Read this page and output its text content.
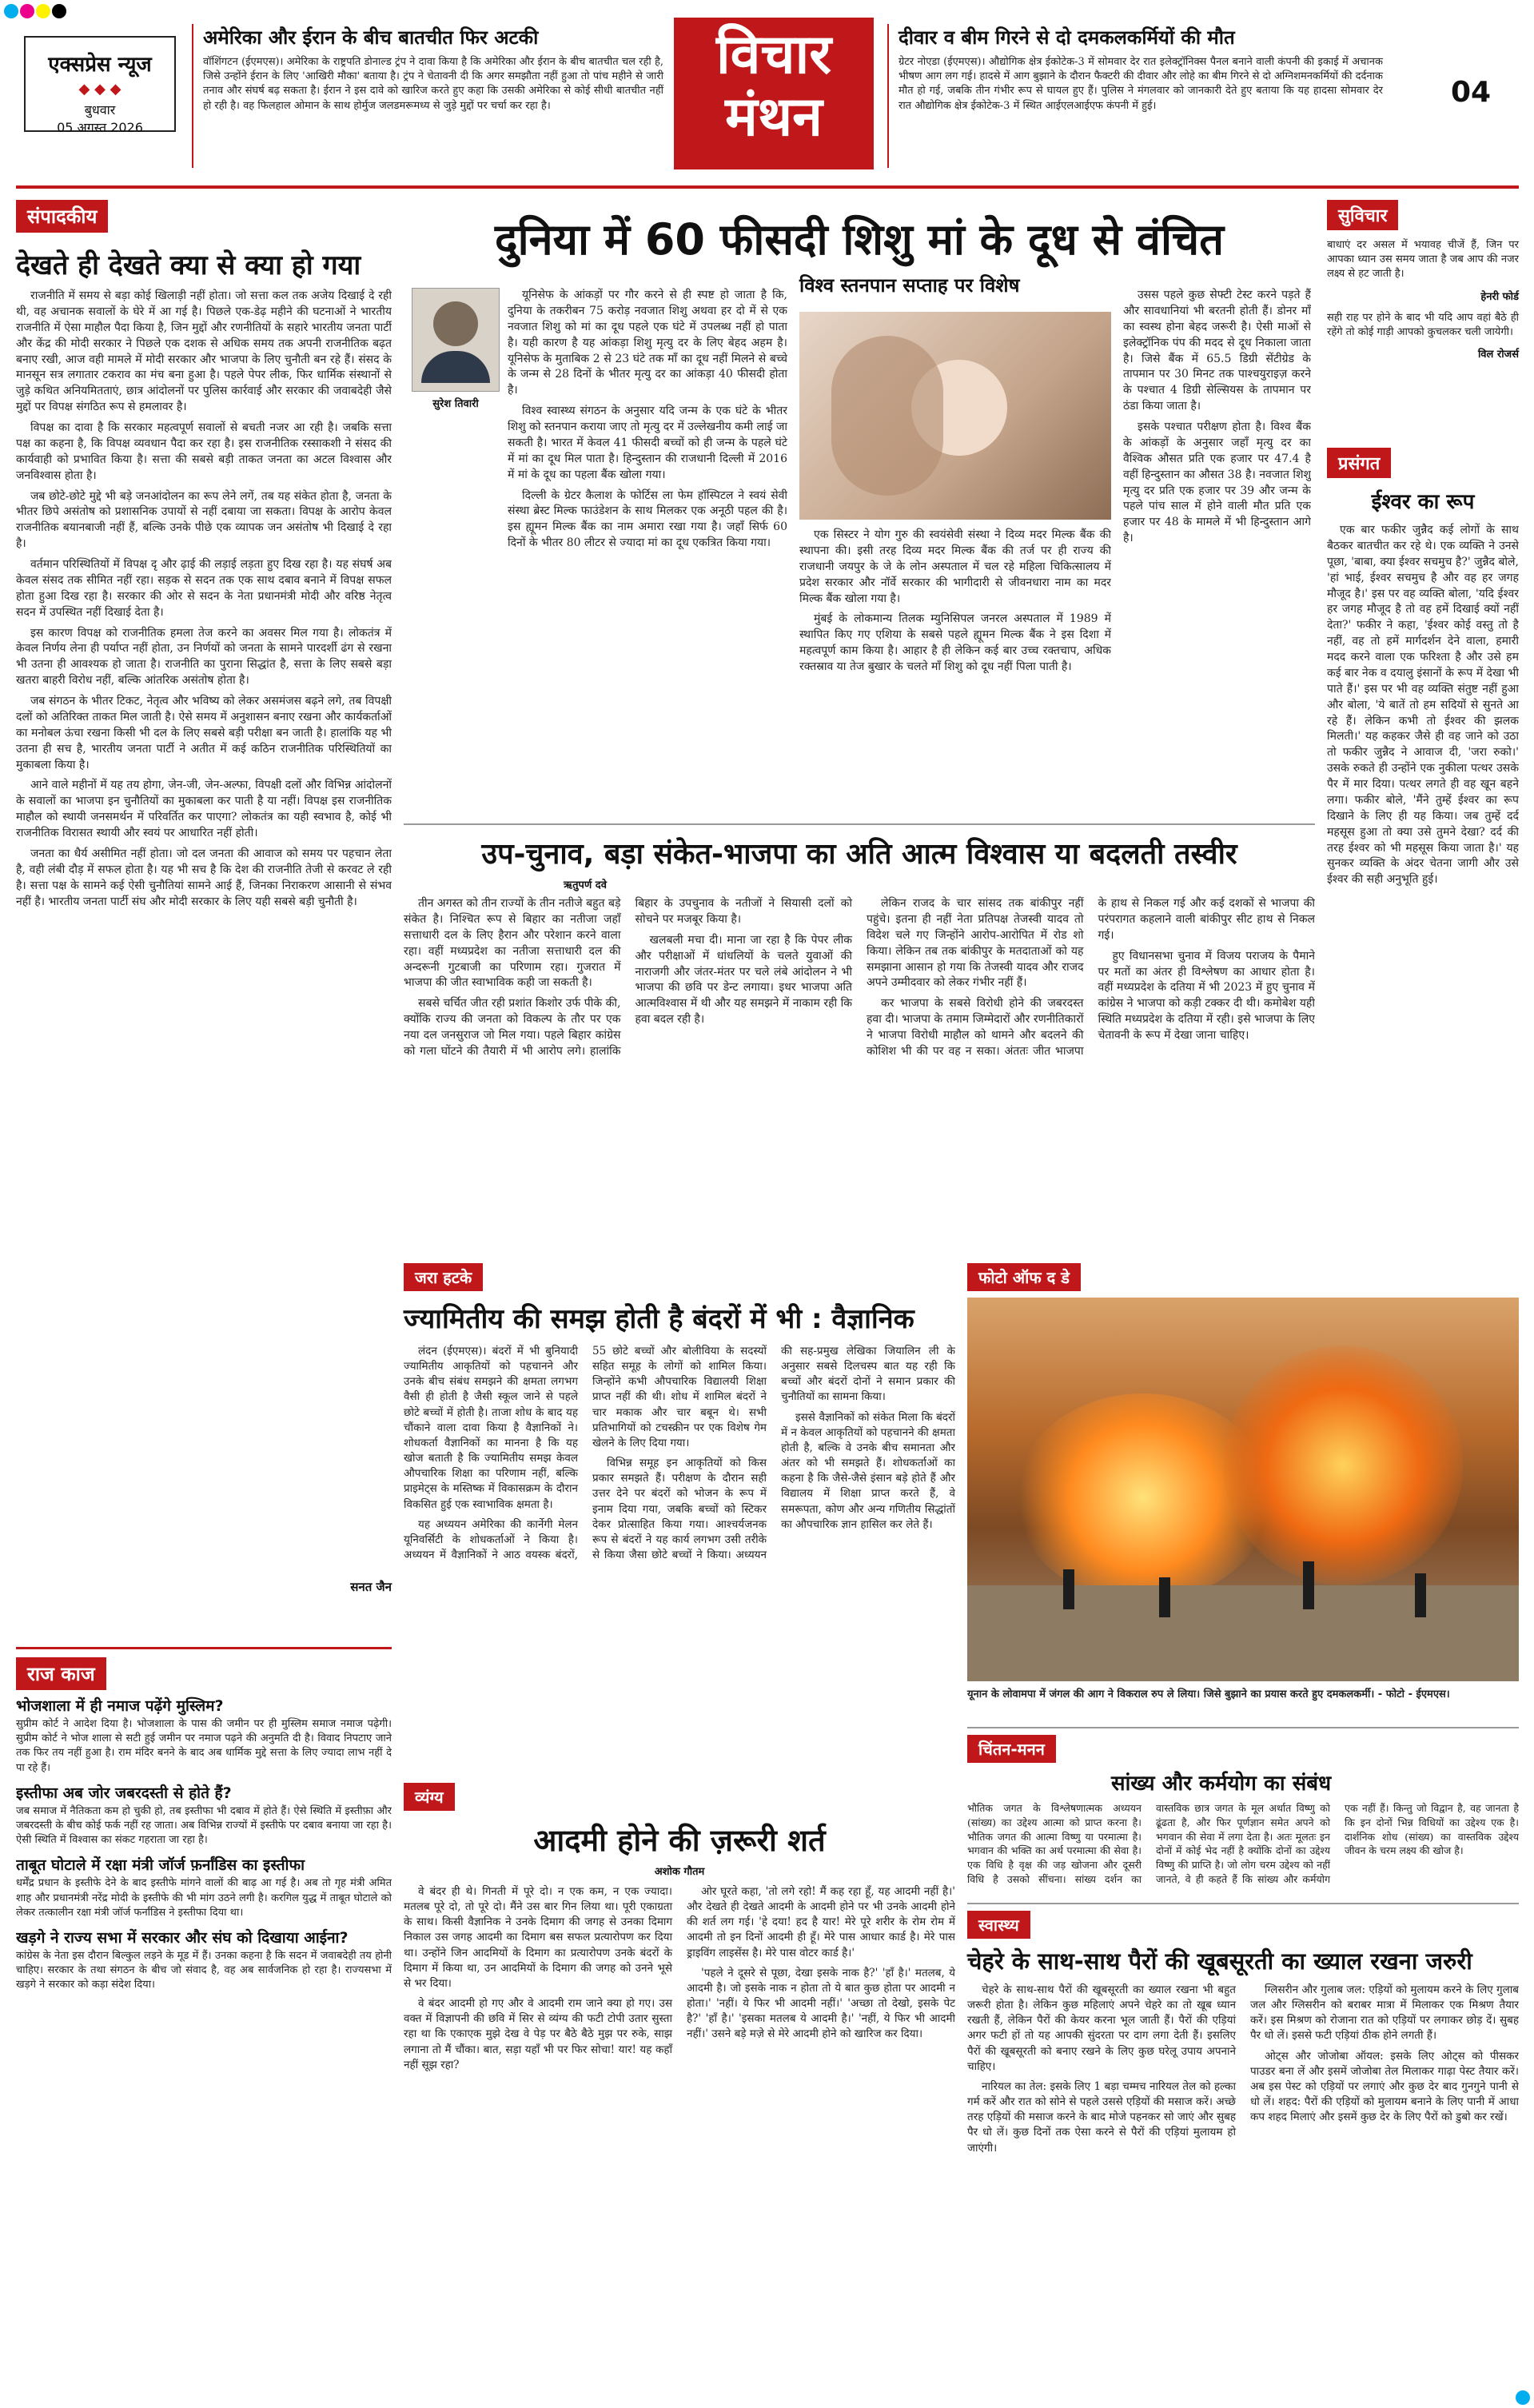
एक्सप्रेस न्यूज
◆ ◆ ◆
बुधवार
05 अगस्त 2026
अमेरिका और ईरान के बीच बातचीत फिर अटकी
वॉशिंगटन (ईएमएस)। अमेरिका के राष्ट्रपति डोनाल्ड ट्रंप ने दावा किया है कि अमेरिका और ईरान के बीच बातचीत चल रही है, जिसे उन्होंने ईरान के लिए 'आखिरी मौका' बताया है। ट्रंप ने चेतावनी दी कि अगर समझौता नहीं हुआ तो पांच महीने से जारी तनाव और संघर्ष बढ़ सकता है। ईरान ने इस दावे को खारिज करते हुए कहा कि उसकी अमेरिका से कोई सीधी बातचीत नहीं हो रही है। वह फिलहाल ओमान के साथ होर्मुज जलडमरूमध्य से जुड़े मुद्दों पर चर्चा कर रहा है।
विचार
मंथन
दीवार व बीम गिरने से दो दमकलकर्मियों की मौत
ग्रेटर नोएडा (ईएमएस)। औद्योगिक क्षेत्र ईकोटेक-3 में सोमवार देर रात इलेक्ट्रॉनिक्स पैनल बनाने वाली कंपनी की इकाई में अचानक भीषण आग लग गई। हादसे में आग बुझाने के दौरान फैक्टरी की दीवार और लोहे का बीम गिरने से दो अग्निशमनकर्मियों की दर्दनाक मौत हो गई, जबकि तीन गंभीर रूप से घायल हुए हैं। पुलिस ने मंगलवार को जानकारी देते हुए बताया कि यह हादसा सोमवार देर रात औद्योगिक क्षेत्र ईकोटेक-3 में स्थित आईएलआईएफ कंपनी में हुई।	04
संपादकीय
देखते ही देखते क्या से क्या हो गया

राजनीति में समय से बड़ा कोई खिलाड़ी नहीं होता। जो सत्ता कल तक अजेय दिखाई दे रही थी, वह अचानक सवालों के घेरे में आ गई है। पिछले एक-डेढ़ महीने की घटनाओं ने भारतीय राजनीति में ऐसा माहौल पैदा किया है, जिन मुद्दों और रणनीतियों के सहारे भारतीय जनता पार्टी और केंद्र की मोदी सरकार ने पिछले एक दशक से अधिक समय तक अपनी राजनीतिक बढ़त बनाए रखी, आज वही मामले में मोदी सरकार और भाजपा के लिए चुनौती बन रहे हैं। संसद के मानसून सत्र लगातार टकराव का मंच बना हुआ है। पहले पेपर लीक, फिर धार्मिक संस्थानों से जुड़े कथित अनियमितताएं, छात्र आंदोलनों पर पुलिस कार्रवाई और सरकार की जवाबदेही जैसे मुद्दों पर विपक्ष संगठित रूप से हमलावर है।

विपक्ष का दावा है कि सरकार महत्वपूर्ण सवालों से बचती नजर आ रही है। जबकि सत्ता पक्ष का कहना है, कि विपक्ष व्यवधान पैदा कर रहा है। इस राजनीतिक रस्साकशी ने संसद की कार्यवाही को प्रभावित किया है। सत्ता की सबसे बड़ी ताकत जनता का अटल विश्वास और जनविश्वास होता है।

जब छोटे-छोटे मुद्दे भी बड़े जनआंदोलन का रूप लेने लगें, तब यह संकेत होता है, जनता के भीतर छिपे असंतोष को प्रशासनिक उपायों से नहीं दबाया जा सकता। विपक्ष के आरोप केवल राजनीतिक बयानबाजी नहीं हैं, बल्कि उनके पीछे एक व्यापक जन असंतोष भी दिखाई दे रहा है।

वर्तमान परिस्थितियों में विपक्ष दृ और ढ़ाई की लड़ाई लड़ता हुए दिख रहा है। यह संघर्ष अब केवल संसद तक सीमित नहीं रहा। सड़क से सदन तक एक साथ दबाव बनाने में विपक्ष सफल होता हुआ दिख रहा है। सरकार की ओर से सदन के नेता प्रधानमंत्री मोदी और वरिष्ठ नेतृत्व सदन में उपस्थित नहीं दिखाई देता है।

इस कारण विपक्ष को राजनीतिक हमला तेज करने का अवसर मिल गया है। लोकतंत्र में केवल निर्णय लेना ही पर्याप्त नहीं होता, उन निर्णयों को जनता के सामने पारदर्शी ढंग से रखना भी उतना ही आवश्यक हो जाता है। राजनीति का पुराना सिद्धांत है, सत्ता के लिए सबसे बड़ा खतरा बाहरी विरोध नहीं, बल्कि आंतरिक असंतोष होता है।

जब संगठन के भीतर टिकट, नेतृत्व और भविष्य को लेकर असमंजस बढ़ने लगे, तब विपक्षी दलों को अतिरिक्त ताकत मिल जाती है। ऐसे समय में अनुशासन बनाए रखना और कार्यकर्ताओं का मनोबल ऊंचा रखना किसी भी दल के लिए सबसे बड़ी परीक्षा बन जाती है। हालांकि यह भी उतना ही सच है, भारतीय जनता पार्टी ने अतीत में कई कठिन राजनीतिक परिस्थितियों का मुकाबला किया है।

आने वाले महीनों में यह तय होगा, जेन-जी, जेन-अल्फा, विपक्षी दलों और विभिन्न आंदोलनों के सवालों का भाजपा इन चुनौतियों का मुकाबला कर पाती है या नहीं। विपक्ष इस राजनीतिक माहौल को स्थायी जनसमर्थन में परिवर्तित कर पाएगा? लोकतंत्र का यही स्वभाव है, कोई भी राजनीतिक विरासत स्थायी और स्वयं पर आधारित नहीं होती।

जनता का धैर्य असीमित नहीं होता। जो दल जनता की आवाज को समय पर पहचान लेता है, वही लंबी दौड़ में सफल होता है। यह भी सच है कि देश की राजनीति तेजी से करवट ले रही है। सत्ता पक्ष के सामने कई ऐसी चुनौतियां सामने आई हैं, जिनका निराकरण आसानी से संभव नहीं है। भारतीय जनता पार्टी संघ और मोदी सरकार के लिए यही सबसे बड़ी चुनौती है।

सनत जैन
राज काज
भोजशाला में ही नमाज पढ़ेंगे मुस्लिम?
सुप्रीम कोर्ट ने आदेश दिया है। भोजशाला के पास की जमीन पर ही मुस्लिम समाज नमाज पढ़ेगी। सुप्रीम कोर्ट ने भोज शाला से सटी हुई जमीन पर नमाज पढ़ने की अनुमति दी है। विवाद निपटाए जाने तक फिर तय नहीं हुआ है। राम मंदिर बनने के बाद अब धार्मिक मुद्दे सत्ता के लिए ज्यादा लाभ नहीं दे पा रहे हैं।
इस्तीफा अब जोर जबरदस्ती से होते हैं?
जब समाज में नैतिकता कम हो चुकी हो, तब इस्तीफा भी दबाव में होते हैं। ऐसे स्थिति में इस्तीफ़ा और जबरदस्ती के बीच कोई फर्क नहीं रह जाता। अब विभिन्न राज्यों में इस्तीफे पर दबाव बनाया जा रहा है। ऐसी स्थिति में विश्वास का संकट गहराता जा रहा है।
ताबूत घोटाले में रक्षा मंत्री जॉर्ज फ़र्नांडिस का इस्तीफा
धर्मेंद्र प्रधान के इस्तीफे देने के बाद इस्तीफे मांगने वालों की बाढ़ आ गई है। अब तो गृह मंत्री अमित शाह और प्रधानमंत्री नरेंद्र मोदी के इस्तीफे की भी मांग उठने लगी है। करगिल युद्ध में ताबूत घोटाले को लेकर तत्कालीन रक्षा मंत्री जॉर्ज फर्नांडिस ने इस्तीफा दिया था।
खड़गे ने राज्य सभा में सरकार और संघ को दिखाया आईना?
कांग्रेस के नेता इस दौरान बिल्कुल लड़ने के मूड में हैं। उनका कहना है कि सदन में जवाबदेही तय होनी चाहिए। सरकार के तथा संगठन के बीच जो संवाद है, वह अब सार्वजनिक हो रहा है। राज्यसभा में खड़गे ने सरकार को कड़ा संदेश दिया।
दुनिया में 60 फीसदी शिशु मां के दूध से वंचित
सुरेश तिवारी

यूनिसेफ के आंकड़ों पर गौर करने से ही स्पष्ट हो जाता है कि, दुनिया के तकरीबन 75 करोड़ नवजात शिशु अथवा हर दो में से एक नवजात शिशु को मां का दूध पहले एक घंटे में उपलब्ध नहीं हो पाता है। यही कारण है यह आंकड़ा शिशु मृत्यु दर के लिए बेहद अहम है। यूनिसेफ के मुताबिक 2 से 23 घंटे तक माँ का दूध नहीं मिलने से बच्चे के जन्म से 28 दिनों के भीतर मृत्यु दर का आंकड़ा 40 फीसदी होता है।

विश्व स्वास्थ्य संगठन के अनुसार यदि जन्म के एक घंटे के भीतर शिशु को स्तनपान कराया जाए तो मृत्यु दर में उल्लेखनीय कमी लाई जा सकती है। भारत में केवल 41 फीसदी बच्चों को ही जन्म के पहले घंटे में मां का दूध मिल पाता है। हिन्दुस्तान की राजधानी दिल्ली में 2016 में मां के दूध का पहला बैंक खोला गया।

दिल्ली के ग्रेटर कैलाश के फोर्टिस ला फेम हॉस्पिटल ने स्वयं सेवी संस्था ब्रेस्ट मिल्क फाउंडेशन के साथ मिलकर एक अनूठी पहल की है। इस ह्यूमन मिल्क बैंक का नाम अमारा रखा गया है। जहाँ सिर्फ 60 दिनों के भीतर 80 लीटर से ज्यादा मां का दूध एकत्रित किया गया।

विश्व स्तनपान सप्ताह पर विशेष

एक सिस्टर ने योग गुरु की स्वयंसेवी संस्था ने दिव्य मदर मिल्क बैंक की स्थापना की। इसी तरह दिव्य मदर मिल्क बैंक की तर्ज पर ही राज्य की राजधानी जयपुर के जे के लोन अस्पताल में चल रहे महिला चिकित्सालय में प्रदेश सरकार और नॉर्वे सरकार की भागीदारी से जीवनधारा नाम का मदर मिल्क बैंक खोला गया है।

मुंबई के लोकमान्य तिलक म्युनिसिपल जनरल अस्पताल में 1989 में स्थापित किए गए एशिया के सबसे पहले ह्यूमन मिल्क बैंक ने इस दिशा में महत्वपूर्ण काम किया है। आहार है ही लेकिन कई बार उच्च रक्तचाप, अधिक रक्तस्राव या तेज बुखार के चलते माँ शिशु को दूध नहीं पिला पाती है।

उसस पहले कुछ सेफ्टी टेस्ट करने पड़ते हैं और सावधानियां भी बरतनी होती हैं। डोनर माँ का स्वस्थ होना बेहद जरूरी है। ऐसी माओं से इलेक्ट्रॉनिक पंप की मदद से दूध निकाला जाता है। जिसे बैंक में 65.5 डिग्री सेंटीग्रेड के तापमान पर 30 मिनट तक पाश्चयुराइज़ करने के पश्चात 4 डिग्री सेल्सियस के तापमान पर ठंडा किया जाता है।

इसके पश्चात परीक्षण होता है। विश्व बैंक के आंकड़ों के अनुसार जहाँ मृत्यु दर का वैश्विक औसत प्रति एक हजार पर 47.4 है वहीं हिन्दुस्तान का औसत 38 है। नवजात शिशु मृत्यु दर प्रति एक हजार पर 39 और जन्म के पहले पांच साल में होने वाली मौत प्रति एक हजार पर 48 के मामले में भी हिन्दुस्तान आगे है।

उप-चुनाव, बड़ा संकेत-भाजपा का अति आत्म विश्वास या बदलती तस्वीर
ऋतुपर्ण दवे

तीन अगस्त को तीन राज्यों के तीन नतीजे बहुत बड़े संकेत है। निश्चित रूप से बिहार का नतीजा जहाँ सत्ताधारी दल के लिए हैरान और परेशान करने वाला रहा। वहीं मध्यप्रदेश का नतीजा सत्ताधारी दल की अन्दरूनी गुटबाजी का परिणाम रहा। गुजरात में भाजपा की जीत स्वाभाविक कही जा सकती है।

सबसे चर्चित जीत रही प्रशांत किशोर उर्फ पीके की, क्योंकि राज्य की जनता को विकल्प के तौर पर एक नया दल जनसुराज जो मिल गया। पहले बिहार कांग्रेस को गला घोंटने की तैयारी में भी आरोप लगे। हालांकि बिहार के उपचुनाव के नतीजों ने सियासी दलों को सोचने पर मजबूर किया है।

खलबली मचा दी। माना जा रहा है कि पेपर लीक और परीक्षाओं में धांधलियों के चलते युवाओं की नाराजगी और जंतर-मंतर पर चले लंबे आंदोलन ने भी भाजपा की छवि पर डेन्ट लगाया। इधर भाजपा अति आत्मविश्वास में थी और यह समझने में नाकाम रही कि हवा बदल रही है।

लेकिन राजद के चार सांसद तक बांकीपुर नहीं पहुंचे। इतना ही नहीं नेता प्रतिपक्ष तेजस्वी यादव तो विदेश चले गए जिन्होंने आरोप-आरोपित में रोड शो किया। लेकिन तब तक बांकीपुर के मतदाताओं को यह समझाना आसान हो गया कि तेजस्वी यादव और राजद अपने उम्मीदवार को लेकर गंभीर नहीं हैं।

कर भाजपा के सबसे विरोधी होने की जबरदस्त हवा दी। भाजपा के तमाम जिम्मेदारों और रणनीतिकारों ने भाजपा विरोधी माहौल को थामने और बदलने की कोशिश भी की पर वह न सका। अंततः जीत भाजपा के हाथ से निकल गई और कई दशकों से भाजपा की परंपरागत कहलाने वाली बांकीपुर सीट हाथ से निकल गई।

हुए विधानसभा चुनाव में विजय पराजय के पैमाने पर मतों का अंतर ही विश्लेषण का आधार होता है। वहीं मध्यप्रदेश के दतिया में भी 2023 में हुए चुनाव में कांग्रेस ने भाजपा को कड़ी टक्कर दी थी। कमोबेश यही स्थिति मध्यप्रदेश के दतिया में रही। इसे भाजपा के लिए चेतावनी के रूप में देखा जाना चाहिए।

सुविचार
बाधाएं दर असल में भयावह चीजें हैं, जिन पर आपका ध्यान उस समय जाता है जब आप की नजर लक्ष्य से हट जाती है।
हेनरी फोर्ड
सही राह पर होने के बाद भी यदि आप वहां बैठे ही रहेंगे तो कोई गाड़ी आपको कुचलकर चली जायेगी।
विल रोजर्स
प्रसंगत
ईश्वर का रूप
एक बार फकीर जुन्नैद कई लोगों के साथ बैठकर बातचीत कर रहे थे। एक व्यक्ति ने उनसे पूछा, 'बाबा, क्या ईश्वर सचमुच है?' जुन्नैद बोले, 'हां भाई, ईश्वर सचमुच है और वह हर जगह मौजूद है।' इस पर वह व्यक्ति बोला, 'यदि ईश्वर हर जगह मौजूद है तो वह हमें दिखाई क्यों नहीं देता?' फकीर ने कहा, 'ईश्वर कोई वस्तु तो है नहीं, वह तो हमें मार्गदर्शन देने वाला, हमारी मदद करने वाला एक फरिश्ता है और उसे हम कई बार नेक व दयालु इंसानों के रूप में देखा भी पाते हैं।' इस पर भी वह व्यक्ति संतुष्ट नहीं हुआ और बोला, 'ये बातें तो हम सदियों से सुनते आ रहे हैं। लेकिन कभी तो ईश्वर की झलक मिलती।' यह कहकर जैसे ही वह जाने को उठा तो फकीर जुन्नैद ने आवाज दी, 'जरा रुको।' उसके रुकते ही उन्होंने एक नुकीला पत्थर उसके पैर में मार दिया। पत्थर लगते ही वह खून बहने लगा। फकीर बोले, 'मैंने तुम्हें ईश्वर का रूप दिखाने के लिए ही यह किया। जब तुम्हें दर्द महसूस हुआ तो क्या उसे तुमने देखा? दर्द की तरह ईश्वर को भी महसूस किया जाता है।' यह सुनकर व्यक्ति के अंदर चेतना जागी और उसे ईश्वर की सही अनुभूति हुई।
जरा हटके
ज्यामितीय की समझ होती है बंदरों में भी : वैज्ञानिक

लंदन (ईएमएस)। बंदरों में भी बुनियादी ज्यामितीय आकृतियों को पहचानने और उनके बीच संबंध समझने की क्षमता लगभग वैसी ही होती है जैसी स्कूल जाने से पहले छोटे बच्चों में होती है। ताजा शोध के बाद यह चौंकाने वाला दावा किया है वैज्ञानिकों ने। शोधकर्ता वैज्ञानिकों का मानना है कि यह खोज बताती है कि ज्यामितीय समझ केवल औपचारिक शिक्षा का परिणाम नहीं, बल्कि प्राइमेट्स के मस्तिष्क में विकासक्रम के दौरान विकसित हुई एक स्वाभाविक क्षमता है।

यह अध्ययन अमेरिका की कार्नेगी मेलन यूनिवर्सिटी के शोधकर्ताओं ने किया है। अध्ययन में वैज्ञानिकों ने आठ वयस्क बंदरों, 55 छोटे बच्चों और बोलीविया के सदस्यों सहित समूह के लोगों को शामिल किया। जिन्होंने कभी औपचारिक विद्यालयी शिक्षा प्राप्त नहीं की थी। शोध में शामिल बंदरों ने चार मकाक और चार बबून थे। सभी प्रतिभागियों को टचस्क्रीन पर एक विशेष गेम खेलने के लिए दिया गया।

विभिन्न समूह इन आकृतियों को किस प्रकार समझते हैं। परीक्षण के दौरान सही उत्तर देने पर बंदरों को भोजन के रूप में इनाम दिया गया, जबकि बच्चों को स्टिकर देकर प्रोत्साहित किया गया। आश्चर्यजनक रूप से बंदरों ने यह कार्य लगभग उसी तरीके से किया जैसा छोटे बच्चों ने किया। अध्ययन की सह-प्रमुख लेखिका जियालिन ली के अनुसार सबसे दिलचस्प बात यह रही कि बच्चों और बंदरों दोनों ने समान प्रकार की चुनौतियों का सामना किया।

इससे वैज्ञानिकों को संकेत मिला कि बंदरों में न केवल आकृतियों को पहचानने की क्षमता होती है, बल्कि वे उनके बीच समानता और अंतर को भी समझते हैं। शोधकर्ताओं का कहना है कि जैसे-जैसे इंसान बड़े होते हैं और विद्यालय में शिक्षा प्राप्त करते हैं, वे समरूपता, कोण और अन्य गणितीय सिद्धांतों का औपचारिक ज्ञान हासिल कर लेते हैं।

फोटो ऑफ द डे
यूनान के लोवामपा में जंगल की आग ने विकराल रुप ले लिया। जिसे बुझाने का प्रयास करते हुए दमकलकर्मी। - फोटो - ईएमएस।
व्यंग्य
आदमी होने की ज़रूरी शर्त
अशोक गौतम

वे बंदर ही थे। गिनती में पूरे दो। न एक कम, न एक ज्यादा। मतलब पूरे दो, तो पूरे दो। मैंने उस बार गिन लिया था। पूरी एकाग्रता के साथ। किसी वैज्ञानिक ने उनके दिमाग की जगह से उनका दिमाग निकाल उस जगह आदमी का दिमाग बस सफल प्रत्यारोपण कर दिया था। उन्होंने जिन आदमियों के दिमाग का प्रत्यारोपण उनके बंदरों के दिमाग में किया था, उन आदमियों के दिमाग की जगह को उनने भूसे से भर दिया।

वे बंदर आदमी हो गए और वे आदमी राम जाने क्या हो गए। उस वक्त में विज्ञापनी की छवि में सिर से व्यंग्य की फटी टोपी उतार सुस्ता रहा था कि एकाएक मुझे देख वे पेड़ पर बैठे बैठे मुझ पर रुके, साझ लगाना तो मैं चौंका। बात, सड़ा यहाँ भी पर फिर सोचा! यार! यह कहाँ नहीं सूझ रहा?

ओर घूरते कहा, 'तो लगे रहो! मैं कह रहा हूँ, यह आदमी नहीं है।' और देखते ही देखते आदमी के आदमी होने पर भी उनके आदमी होने की शर्त लग गई। 'हे दया! हद है यार! मेरे पूरे शरीर के रोम रोम में आदमी तो इन दिनों आदमी ही हूँ। मेरे पास आधार कार्ड है। मेरे पास ड्राइविंग लाइसेंस है। मेरे पास वोटर कार्ड है।'

'पहले ने दूसरे से पूछा, देखा इसके नाक है?' 'हाँ है।' मतलब, ये आदमी है। जो इसके नाक न होता तो ये बात कुछ होता पर आदमी न होता।' 'नहीं। ये फिर भी आदमी नहीं।' 'अच्छा तो देखो, इसके पेट है?' 'हाँ है।' 'इसका मतलब ये आदमी है।' 'नहीं, ये फिर भी आदमी नहीं।' उसने बड़े मज़े से मेरे आदमी होने को खारिज कर दिया।

चिंतन-मनन
सांख्य और कर्मयोग का संबंध
भौतिक जगत के विश्लेषणात्मक अध्ययन (सांख्य) का उद्देश्य आत्मा को प्राप्त करना है। भौतिक जगत की आत्मा विष्णु या परमात्मा है। भगवान की भक्ति का अर्थ परमात्मा की सेवा है। एक विधि है वृक्ष की जड़ खोजना और दूसरी विधि है उसको सींचना। सांख्य दर्शन का वास्तविक छात्र जगत के मूल अर्थात विष्णु को ढूंढता है, और फिर पूर्णज्ञान समेत अपने को भगवान की सेवा में लगा देता है। अतः मूलतः इन दोनों में कोई भेद नहीं है क्योंकि दोनों का उद्देश्य विष्णु की प्राप्ति है। जो लोग चरम उद्देश्य को नहीं जानते, वे ही कहते हैं कि सांख्य और कर्मयोग एक नहीं हैं। किन्तु जो विद्वान है, वह जानता है कि इन दोनों भिन्न विधियों का उद्देश्य एक है। दार्शनिक शोध (सांख्य) का वास्तविक उद्देश्य जीवन के चरम लक्ष्य की खोज है।
स्वास्थ्य
चेहरे के साथ-साथ पैरों की खूबसूरती का ख्याल रखना जरुरी

चेहरे के साथ-साथ पैरों की खूबसूरती का ख्याल रखना भी बहुत जरूरी होता है। लेकिन कुछ महिलाएं अपने चेहरे का तो खूब ध्यान रखती हैं, लेकिन पैरों की केयर करना भूल जाती हैं। पैरों की एड़ियां अगर फटी हों तो यह आपकी सुंदरता पर दाग लगा देती हैं। इसलिए पैरों की खूबसूरती को बनाए रखने के लिए कुछ घरेलू उपाय अपनाने चाहिए।

नारियल का तेल: इसके लिए 1 बड़ा चम्मच नारियल तेल को हल्का गर्म करें और रात को सोने से पहले उससे एड़ियों की मसाज करें। अच्छे तरह एड़ियों की मसाज करने के बाद मोजे पहनकर सो जाएं और सुबह पैर धो लें। कुछ दिनों तक ऐसा करने से पैरों की एड़ियां मुलायम हो जाएंगी।

ग्लिसरीन और गुलाब जल: एड़ियों को मुलायम करने के लिए गुलाब जल और ग्लिसरीन को बराबर मात्रा में मिलाकर एक मिश्रण तैयार करें। इस मिश्रण को रोजाना रात को एड़ियों पर लगाकर छोड़ दें। सुबह पैर धो लें। इससे फटी एड़ियां ठीक होने लगती हैं।

ओट्स और जोजोबा ऑयल: इसके लिए ओट्स को पीसकर पाउडर बना लें और इसमें जोजोबा तेल मिलाकर गाढ़ा पेस्ट तैयार करें। अब इस पेस्ट को एड़ियों पर लगाएं और कुछ देर बाद गुनगुने पानी से धो लें। शहद: पैरों की एड़ियों को मुलायम बनाने के लिए पानी में आधा कप शहद मिलाएं और इसमें कुछ देर के लिए पैरों को डुबो कर रखें।
